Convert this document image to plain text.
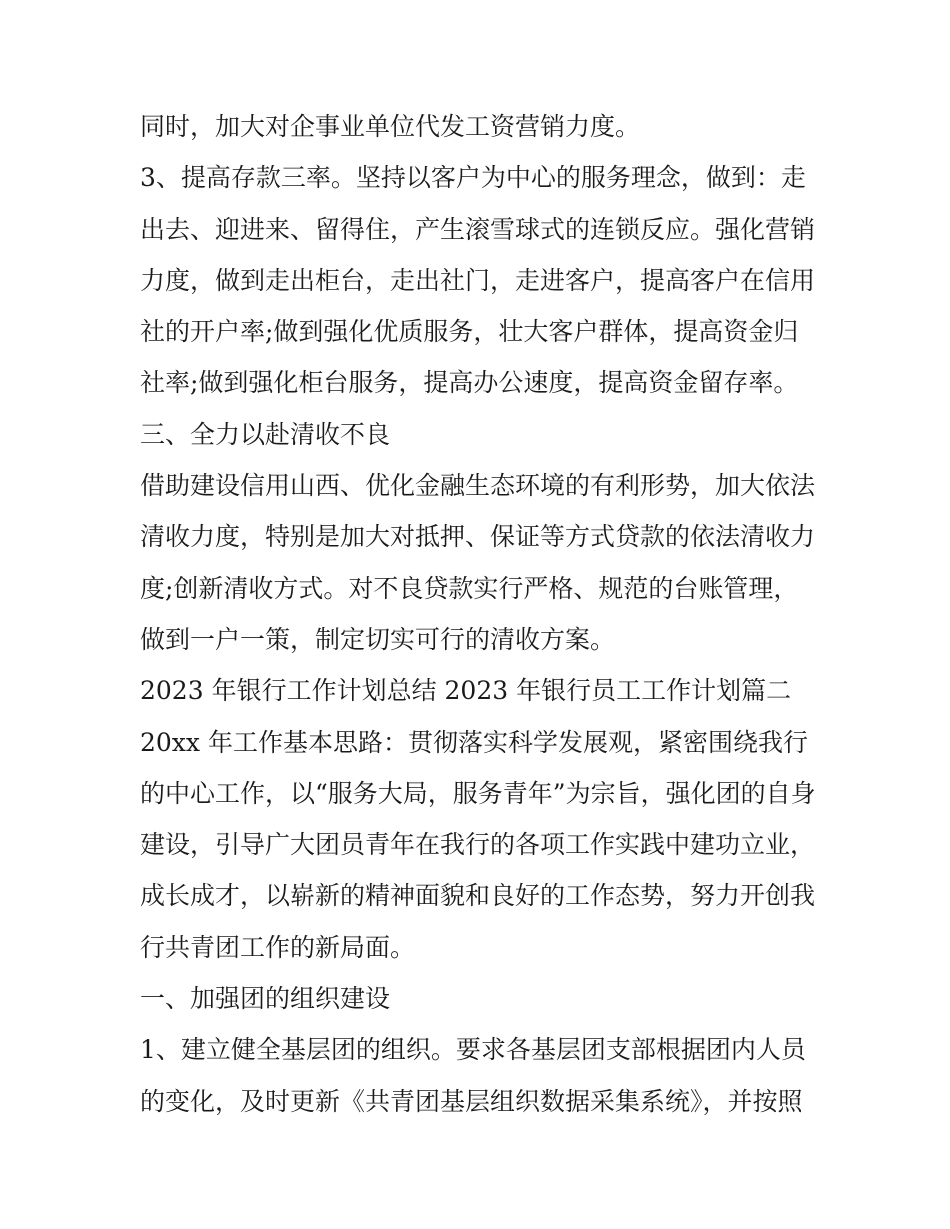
同时，加大对企事业单位代发工资营销力度。
3、提高存款三率。坚持以客户为中心的服务理念，做到：走
出去、迎进来、留得住，产生滚雪球式的连锁反应。强化营销
力度，做到走出柜台，走出社门，走进客户，提高客户在信用
社的开户率;做到强化优质服务，壮大客户群体，提高资金归
社率;做到强化柜台服务，提高办公速度，提高资金留存率。
三、全力以赴清收不良
借助建设信用山西、优化金融生态环境的有利形势，加大依法
清收力度，特别是加大对抵押、保证等方式贷款的依法清收力
度;创新清收方式。对不良贷款实行严格、规范的台账管理，
做到一户一策，制定切实可行的清收方案。
2023 年银行工作计划总结 2023 年银行员工工作计划篇二
20xx 年工作基本思路：贯彻落实科学发展观，紧密围绕我行
的中心工作，以“服务大局，服务青年”为宗旨，强化团的自身
建设，引导广大团员青年在我行的各项工作实践中建功立业，
成长成才，以崭新的精神面貌和良好的工作态势，努力开创我
行共青团工作的新局面。
一、加强团的组织建设
1、建立健全基层团的组织。要求各基层团支部根据团内人员
的变化，及时更新《共青团基层组织数据采集系统》，并按照
